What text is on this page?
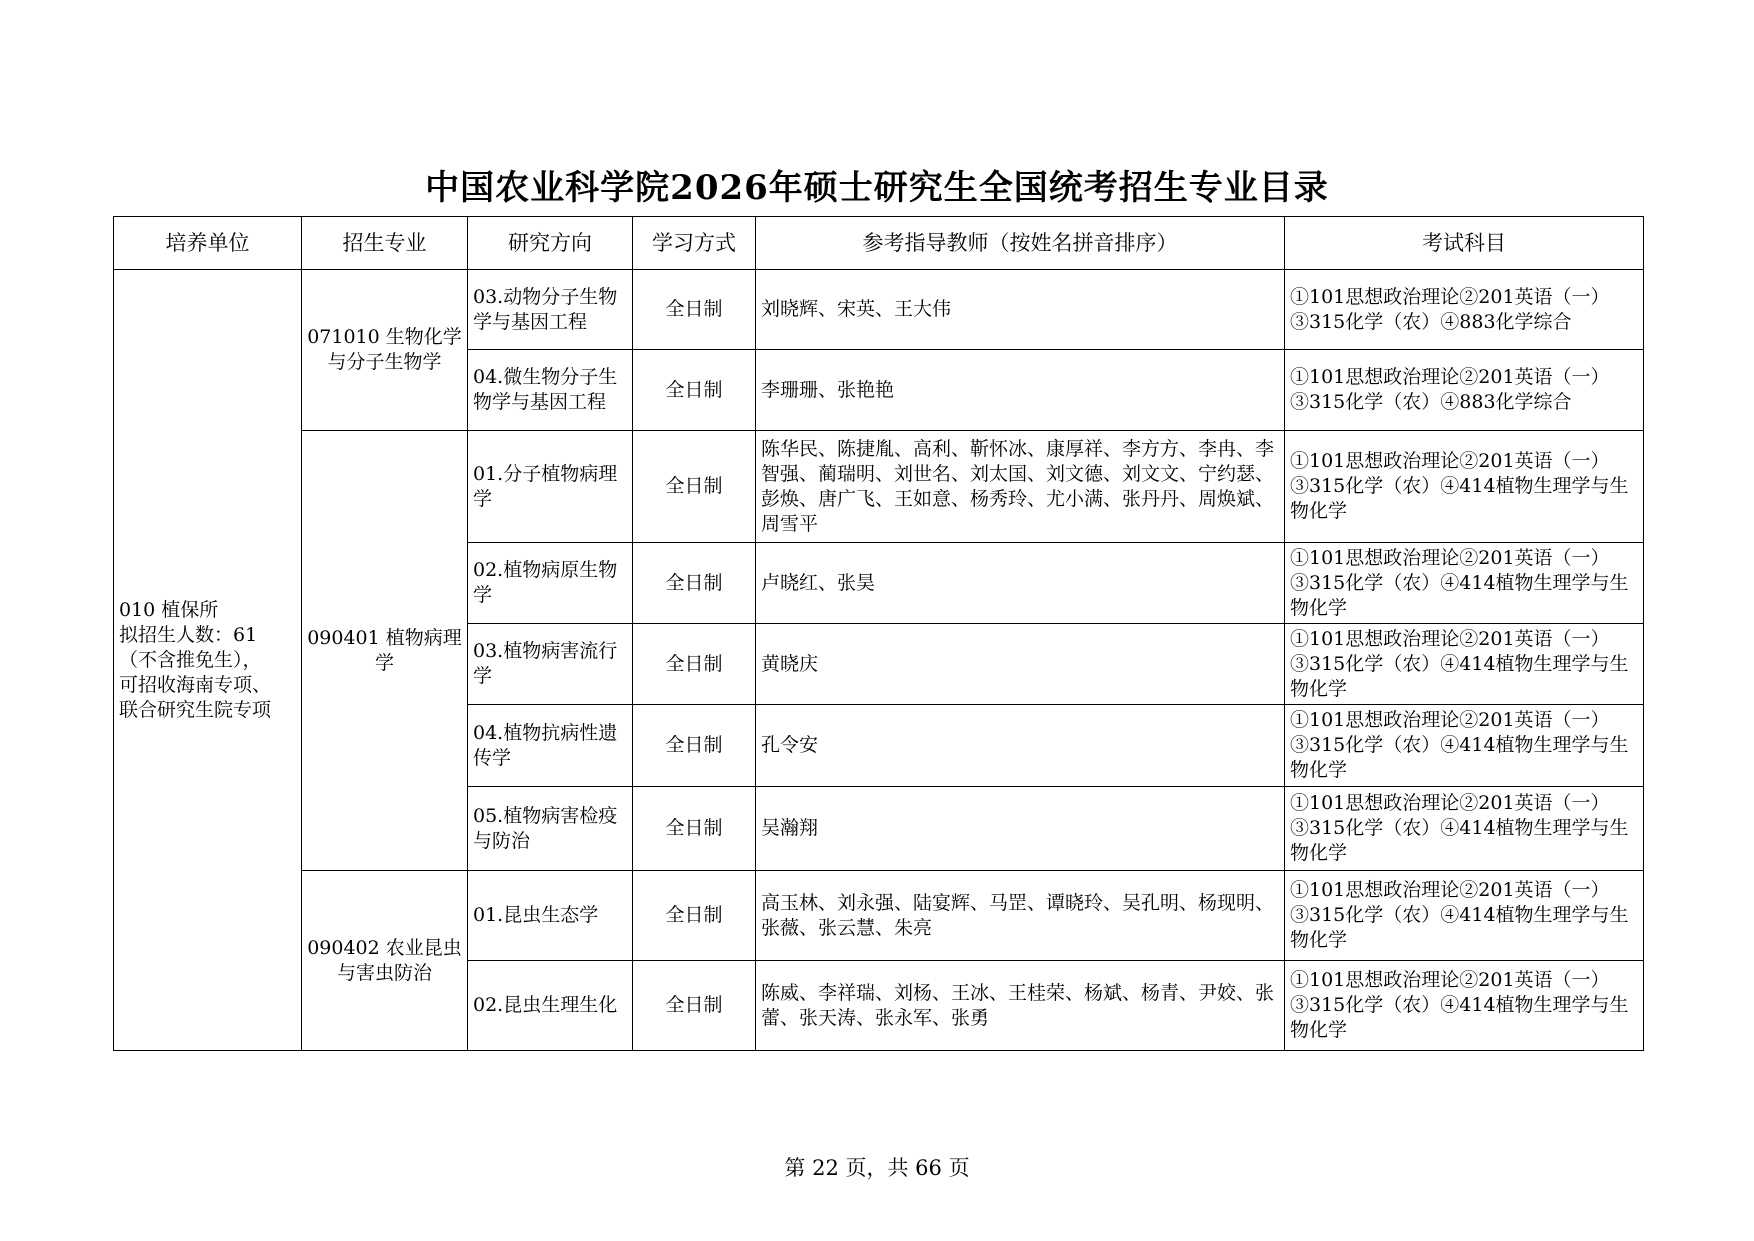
中国农业科学院2026年硕士研究生全国统考招生专业目录
培养单位	招生专业	研究方向	学习方式	参考指导教师（按姓名拼音排序）	考试科目

010 植保所
拟招生人数：61
（不含推免生），
可招收海南专项、
联合研究生院专项	071010 生物化学与分子生物学	03.动物分子生物学与基因工程	全日制	刘晓辉、宋英、王大伟	①101思想政治理论②201英语（一）③315化学（农）④883化学综合
		04.微生物分子生物学与基因工程	全日制	李珊珊、张艳艳	①101思想政治理论②201英语（一）③315化学（农）④883化学综合
	090401 植物病理学	01.分子植物病理学	全日制	陈华民、陈捷胤、高利、靳怀冰、康厚祥、李方方、李冉、李智强、蔺瑞明、刘世名、刘太国、刘文德、刘文文、宁约瑟、彭焕、唐广飞、王如意、杨秀玲、尤小满、张丹丹、周焕斌、周雪平	①101思想政治理论②201英语（一）③315化学（农）④414植物生理学与生物化学
		02.植物病原生物学	全日制	卢晓红、张昊	①101思想政治理论②201英语（一）③315化学（农）④414植物生理学与生物化学
		03.植物病害流行学	全日制	黄晓庆	①101思想政治理论②201英语（一）③315化学（农）④414植物生理学与生物化学
		04.植物抗病性遗传学	全日制	孔令安	①101思想政治理论②201英语（一）③315化学（农）④414植物生理学与生物化学
		05.植物病害检疫与防治	全日制	吴瀚翔	①101思想政治理论②201英语（一）③315化学（农）④414植物生理学与生物化学
	090402 农业昆虫与害虫防治	01.昆虫生态学	全日制	高玉林、刘永强、陆宴辉、马罡、谭晓玲、吴孔明、杨现明、张薇、张云慧、朱亮	①101思想政治理论②201英语（一）③315化学（农）④414植物生理学与生物化学
		02.昆虫生理生化	全日制	陈威、李祥瑞、刘杨、王冰、王桂荣、杨斌、杨青、尹姣、张蕾、张天涛、张永军、张勇	①101思想政治理论②201英语（一）③315化学（农）④414植物生理学与生物化学
第 22 页，共 66 页
